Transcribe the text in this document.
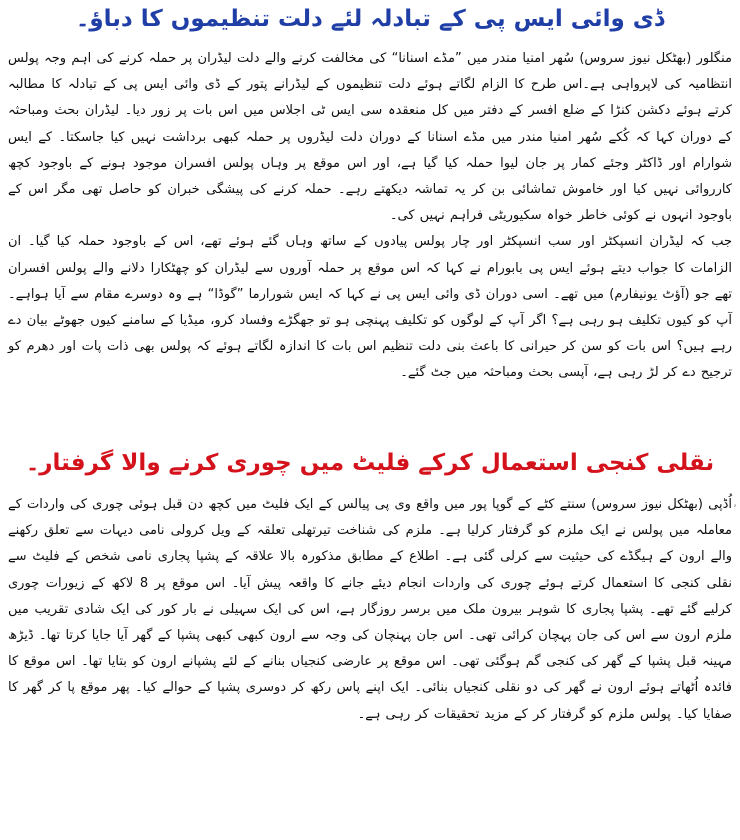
ڈی وائی ایس پی کے تبادلہ لئے دلت تنظیموں کا دباؤ۔

منگلور (بھٹکل نیوز سروس) سُھر امنیا مندر میں ”مڈے اسنانا“ کی مخالفت کرنے والے دلت لیڈران پر حملہ کرنے کی اہم وجہ پولس انتظامیہ کی لاپرواہی ہے۔اس طرح کا الزام لگاتے ہوئے دلت تنظیموں کے لیڈرانے پتور کے ڈی وائی ایس پی کے تبادلہ کا مطالبہ کرتے ہوئے دکشن کنڑا کے ضلع افسر کے دفتر میں کل منعقدہ سی ایس ٹی اجلاس میں اس بات پر زور دیا۔ لیڈران بحث ومباحثہ کے دوران کہا کہ کُکے سُھر امنیا مندر میں مڈے اسنانا کے دوران دلت لیڈروں پر حملہ کبھی برداشت نہیں کیا جاسکتا۔ کے ایس شوارام اور ڈاکٹر وجئے کمار پر جان لیوا حملہ کیا گیا ہے، اور اس موقع پر وہاں پولس افسران موجود ہونے کے باوجود کچھ کارروائی نہیں کیا اور خاموش تماشائی بن کر یہ تماشہ دیکھتے رہے۔ حملہ کرنے کی پیشگی خبران کو حاصل تھی مگر اس کے باوجود انہوں نے کوئی خاطر خواہ سکیوریٹی فراہم نہیں کی۔

جب کہ لیڈران انسپکٹر اور سب انسپکٹر اور چار پولس پیادوں کے ساتھ وہاں گئے ہوئے تھے، اس کے باوجود حملہ کیا گیا۔ ان الزامات کا جواب دیتے ہوئے ایس پی بابورام نے کہا کہ اس موقع پر حملہ آوروں سے لیڈران کو چھٹکارا دلانے والے پولس افسران تھے جو (آؤٹ یونیفارم) میں تھے۔ اسی دوران ڈی وائی ایس پی نے کہا کہ ایس شورارما ”گوڈا“ ہے وہ دوسرے مقام سے آیا ہواہے۔ آپ کو کیوں تکلیف ہو رہی ہے؟ اگر آپ کے لوگوں کو تکلیف پہنچی ہو تو جھگڑے وفساد کرو، میڈیا کے سامنے کیوں جھوٹے بیان دے رہے ہیں؟ اس بات کو سن کر حیرانی کا باعث بنی دلت تنظیم اس بات کا اندازہ لگاتے ہوئے کہ پولس بھی ذات پات اور دھرم کو ترجیح دے کر لڑ رہی ہے، آپسی بحث ومباحثہ میں جٹ گئے۔

ۥ
نقلی کنجی استعمال کرکے فلیٹ میں چوری کرنے والا گرفتار۔

اُڈپی (بھٹکل نیوز سروس) سنتے کٹے کے گوپا پور میں واقع وی پی پیالس کے ایک فلیٹ میں کچھ دن قبل ہوئی چوری کی واردات کے معاملہ میں پولس نے ایک ملزم کو گرفتار کرلیا ہے۔ ملزم کی شناخت تیرتھلی تعلقہ کے ویل کرولی نامی دیہات سے تعلق رکھنے والے ارون کے ہیگڈے کی حیثیت سے کرلی گئی ہے۔ اطلاع کے مطابق مذکورہ بالا علاقہ کے پشپا پجاری نامی شخص کے فلیٹ سے نقلی کنجی کا استعمال کرتے ہوئے چوری کی واردات انجام دیئے جانے کا واقعہ پیش آیا۔ اس موقع پر 8 لاکھ کے زیورات چوری کرلیے گئے تھے۔ پشپا پجاری کا شوہر بیرون ملک میں برسر روزگار ہے، اس کی ایک سہیلی نے بار کور کی ایک شادی تقریب میں ملزم ارون سے اس کی جان پہچان کرائی تھی۔ اس جان پہنچان کی وجہ سے ارون کبھی کبھی پشپا کے گھر آیا جایا کرتا تھا۔ ڈیڑھ مہینہ قبل پشپا کے گھر کی کنجی گم ہوگئی تھی۔ اس موقع پر عارضی کنجیاں بنانے کے لئے پشپانے ارون کو بتایا تھا۔ اس موقع کا فائدہ اُٹھاتے ہوئے ارون نے گھر کی دو نقلی کنجیاں بنائی۔ ایک اپنے پاس رکھ کر دوسری پشپا کے حوالے کیا۔ پھر موقع پا کر گھر کا صفایا کیا۔ پولس ملزم کو گرفتار کر کے مزید تحقیقات کر رہی ہے۔
